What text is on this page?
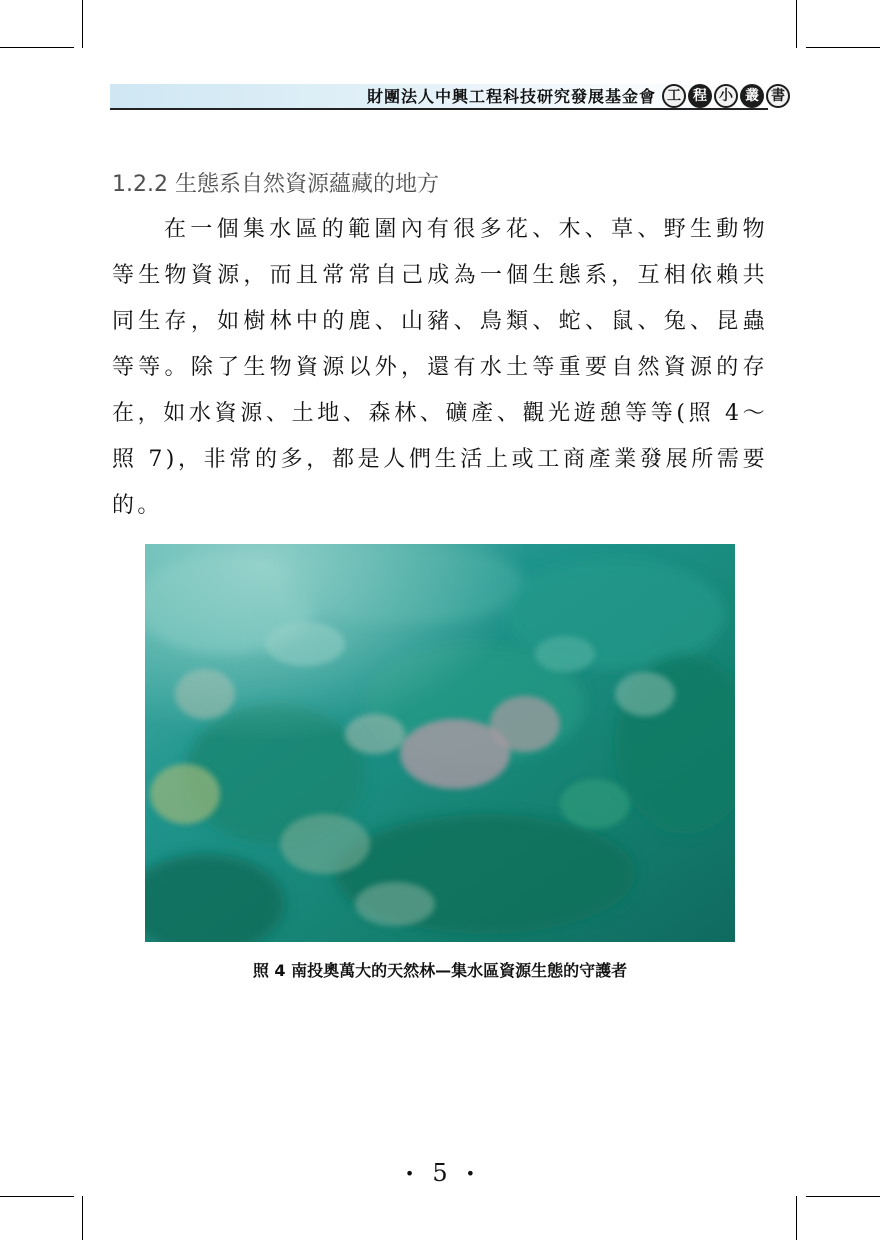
財團法人中興工程科技研究發展基金會 工 程 小 叢 書
1.2.2 生態系自然資源蘊藏的地方
在一個集水區的範圍內有很多花、木、草、野生動物等生物資源，而且常常自己成為一個生態系，互相依賴共同生存，如樹林中的鹿、山豬、鳥類、蛇、鼠、兔、昆蟲等等。除了生物資源以外，還有水土等重要自然資源的存在，如水資源、土地、森林、礦產、觀光遊憩等等(照 4～照 7)，非常的多，都是人們生活上或工商產業發展所需要的。
照 4 南投奧萬大的天然林—集水區資源生態的守護者
• 5 •
